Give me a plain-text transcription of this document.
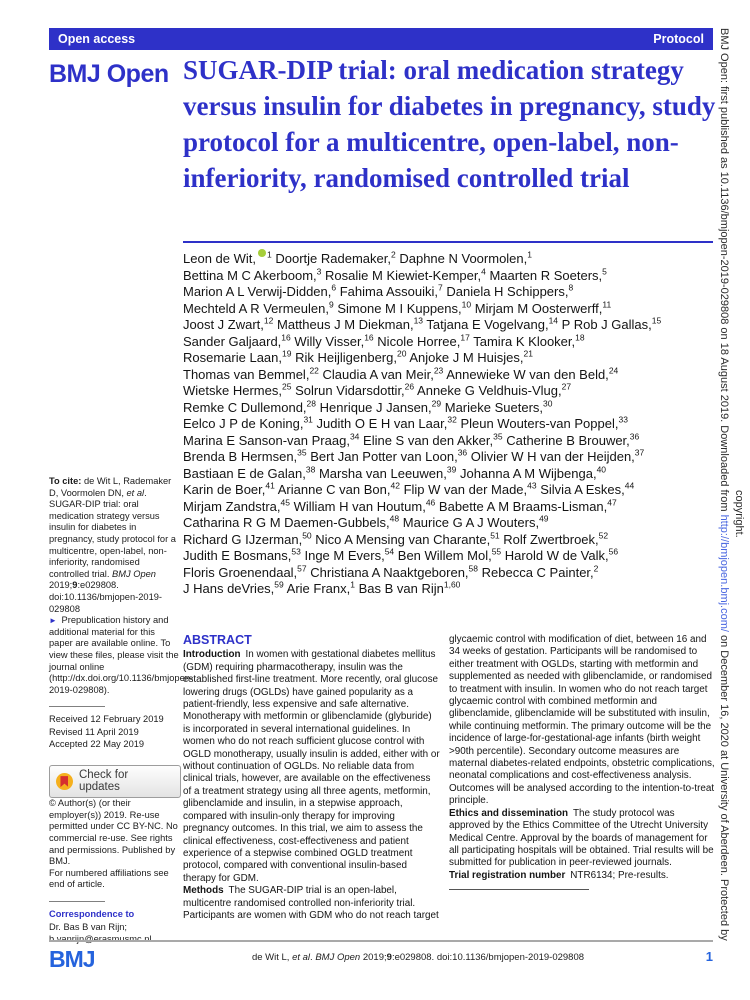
Open access	Protocol
BMJ Open SUGAR-DIP trial: oral medication strategy versus insulin for diabetes in pregnancy, study protocol for a multicentre, open-label, non-inferiority, randomised controlled trial
Leon de Wit, $^1$ Doortje Rademaker,$^2$ Daphne N Voormolen,$^1$
Bettina M C Akerboom,$^3$ Rosalie M Kiewiet-Kemper,$^4$ Maarten R Soeters,$^5$
Marion A L Verwij-Didden,$^6$ Fahima Assouiki,$^7$ Daniela H Schippers,$^8$
Mechteld A R Vermeulen,$^9$ Simone M I Kuppens,$^{10}$ Mirjam M Oosterwerff,$^{11}$
Joost J Zwart,$^{12}$ Mattheus J M Diekman,$^{13}$ Tatjana E Vogelvang,$^{14}$ P Rob J Gallas,$^{15}$
Sander Galjaard,$^{16}$ Willy Visser,$^{16}$ Nicole Horree,$^{17}$ Tamira K Klooker,$^{18}$
Rosemarie Laan,$^{19}$ Rik Heijligenberg,$^{20}$ Anjoke J M Huisjes,$^{21}$
Thomas van Bemmel,$^{22}$ Claudia A van Meir,$^{23}$ Annewieke W van den Beld,$^{24}$
Wietske Hermes,$^{25}$ Solrun Vidarsdottir,$^{26}$ Anneke G Veldhuis-Vlug,$^{27}$
Remke C Dullemond,$^{28}$ Henrique J Jansen,$^{29}$ Marieke Sueters,$^{30}$
Eelco J P de Koning,$^{31}$ Judith O E H van Laar,$^{32}$ Pleun Wouters-van Poppel,$^{33}$
Marina E Sanson-van Praag,$^{34}$ Eline S van den Akker,$^{35}$ Catherine B Brouwer,$^{36}$
Brenda B Hermsen,$^{35}$ Bert Jan Potter van Loon,$^{36}$ Olivier W H van der Heijden,$^{37}$
Bastiaan E de Galan,$^{38}$ Marsha van Leeuwen,$^{39}$ Johanna A M Wijbenga,$^{40}$
Karin de Boer,$^{41}$ Arianne C van Bon,$^{42}$ Flip W van der Made,$^{43}$ Silvia A Eskes,$^{44}$
Mirjam Zandstra,$^{45}$ William H van Houtum,$^{46}$ Babette A M Braams-Lisman,$^{47}$
Catharina R G M Daemen-Gubbels,$^{48}$ Maurice G A J Wouters,$^{49}$
Richard G IJzerman,$^{50}$ Nico A Mensing van Charante,$^{51}$ Rolf Zwertbroek,$^{52}$
Judith E Bosmans,$^{53}$ Inge M Evers,$^{54}$ Ben Willem Mol,$^{55}$ Harold W de Valk,$^{56}$
Floris Groenendaal,$^{57}$ Christiana A Naaktgeboren,$^{58}$ Rebecca C Painter,$^2$
J Hans deVries,$^{59}$ Arie Franx,$^1$ Bas B van Rijn$^{1,60}$

To cite: de Wit L, Rademaker D, Voormolen DN, et al. SUGAR-DIP trial: oral medication strategy versus insulin for diabetes in pregnancy, study protocol for a multicentre, open-label, non-inferiority, randomised controlled trial. BMJ Open 2019;9:e029808. doi:10.1136/bmjopen-2019-029808

► Prepublication history and additional material for this paper are available online. To view these files, please visit the journal online (http://dx.doi.org/10.1136/bmjopen-2019-029808).

Received 12 February 2019
Revised 11 April 2019
Accepted 22 May 2019
Check for updates

© Author(s) (or their employer(s)) 2019. Re-use permitted under CC BY-NC. No commercial re-use. See rights and permissions. Published by BMJ.

For numbered affiliations see end of article.

Correspondence to

Dr. Bas B van Rijn;
ABSTRACT
Introduction  In women with gestational diabetes mellitus (GDM) requiring pharmacotherapy, insulin was the established first-line treatment. More recently, oral glucose lowering drugs (OGLDs) have gained popularity as a patient-friendly, less expensive and safe alternative. Monotherapy with metformin or glibenclamide (glyburide) is incorporated in several international guidelines. In women who do not reach sufficient glucose control with OGLD monotherapy, usually insulin is added, either with or without continuation of OGLDs. No reliable data from clinical trials, however, are available on the effectiveness of a treatment strategy using all three agents, metformin, glibenclamide and insulin, in a stepwise approach, compared with insulin-only therapy for improving pregnancy outcomes. In this trial, we aim to assess the clinical effectiveness, cost-effectiveness and patient experience of a stepwise combined OGLD treatment protocol, compared with conventional insulin-based therapy for GDM.
Methods  The SUGAR-DIP trial is an open-label, multicentre randomised controlled non-inferiority trial. Participants are women with GDM who do not reach target
glycaemic control with modification of diet, between 16 and 34 weeks of gestation. Participants will be randomised to either treatment with OGLDs, starting with metformin and supplemented as needed with glibenclamide, or randomised to treatment with insulin. In women who do not reach target glycaemic control with combined metformin and glibenclamide, glibenclamide will be substituted with insulin, while continuing metformin. The primary outcome will be the incidence of large-for-gestational-age infants (birth weight >90th percentile). Secondary outcome measures are maternal diabetes-related endpoints, obstetric complications, neonatal complications and cost-effectiveness analysis. Outcomes will be analysed according to the intention-to-treat principle.
Ethics and dissemination  The study protocol was approved by the Ethics Committee of the Utrecht University Medical Centre. Approval by the boards of management for all participating hospitals will be obtained. Trial results will be submitted for publication in peer-reviewed journals.
Trial registration number  NTR6134; Pre-results.
BMJ	de Wit L, et al. BMJ Open 2019;9:e029808. doi:10.1136/bmjopen-2019-029808	1
BMJ Open: first published as 10.1136/bmjopen-2019-029808 on 18 August 2019. Downloaded from http://bmjopen.bmj.com/ on December 16, 2020 at University of Aberdeen. Protected by
copyright.
